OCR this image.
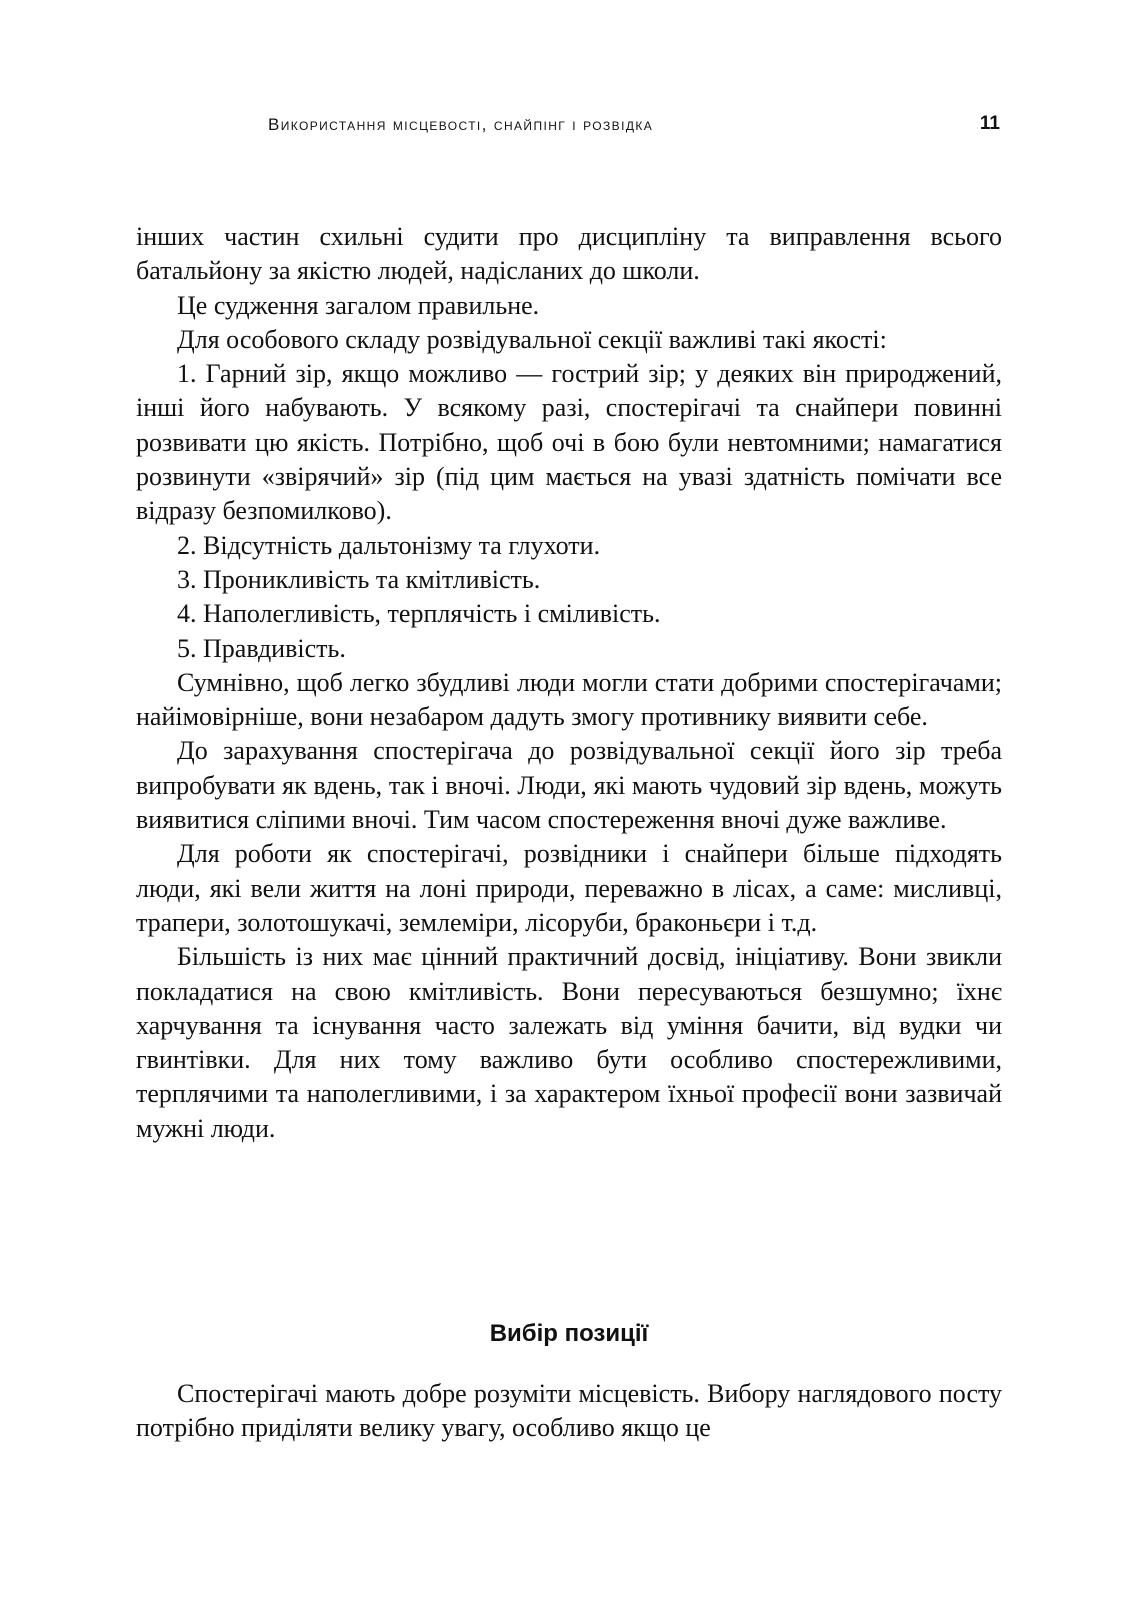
Використання місцевості, снайпінг і розвідка	11

інших частин схильні судити про дисципліну та виправлення всього батальйону за якістю людей, надісланих до школи.

Це судження загалом правильне.

Для особового складу розвідувальної секції важливі такі якості:

1. Гарний зір, якщо можливо — гострий зір; у деяких він природжений, інші його набувають. У всякому разі, спостерігачі та снайпери повинні розвивати цю якість. Потрібно, щоб очі в бою були невтомними; намагатися розвинути «звірячий» зір (під цим мається на увазі здатність помічати все відразу безпомилково).

2. Відсутність дальтонізму та глухоти.

3. Проникливість та кмітливість.

4. Наполегливість, терплячість і сміливість.

5. Правдивість.

Сумнівно, щоб легко збудливі люди могли стати добрими спостерігачами; найімовірніше, вони незабаром дадуть змогу противнику виявити себе.

До зарахування спостерігача до розвідувальної секції його зір треба випробувати як вдень, так і вночі. Люди, які мають чудовий зір вдень, можуть виявитися сліпими вночі. Тим часом спостереження вночі дуже важливе.

Для роботи як спостерігачі, розвідники і снайпери більше підходять люди, які вели життя на лоні природи, переважно в лісах, а саме: мисливці, трапери, золотошукачі, землеміри, лісоруби, браконьєри і т.д.

Більшість із них має цінний практичний досвід, ініціативу. Вони звикли покладатися на свою кмітливість. Вони пересуваються безшумно; їхнє харчування та існування часто залежать від уміння бачити, від вудки чи гвинтівки. Для них тому важливо бути особливо спостережливими, терплячими та наполегливими, і за характером їхньої професії вони зазвичай мужні люди.

Вибір позиції

Спостерігачі мають добре розуміти місцевість. Вибору наглядового посту потрібно приділяти велику увагу, особливо якщо це
